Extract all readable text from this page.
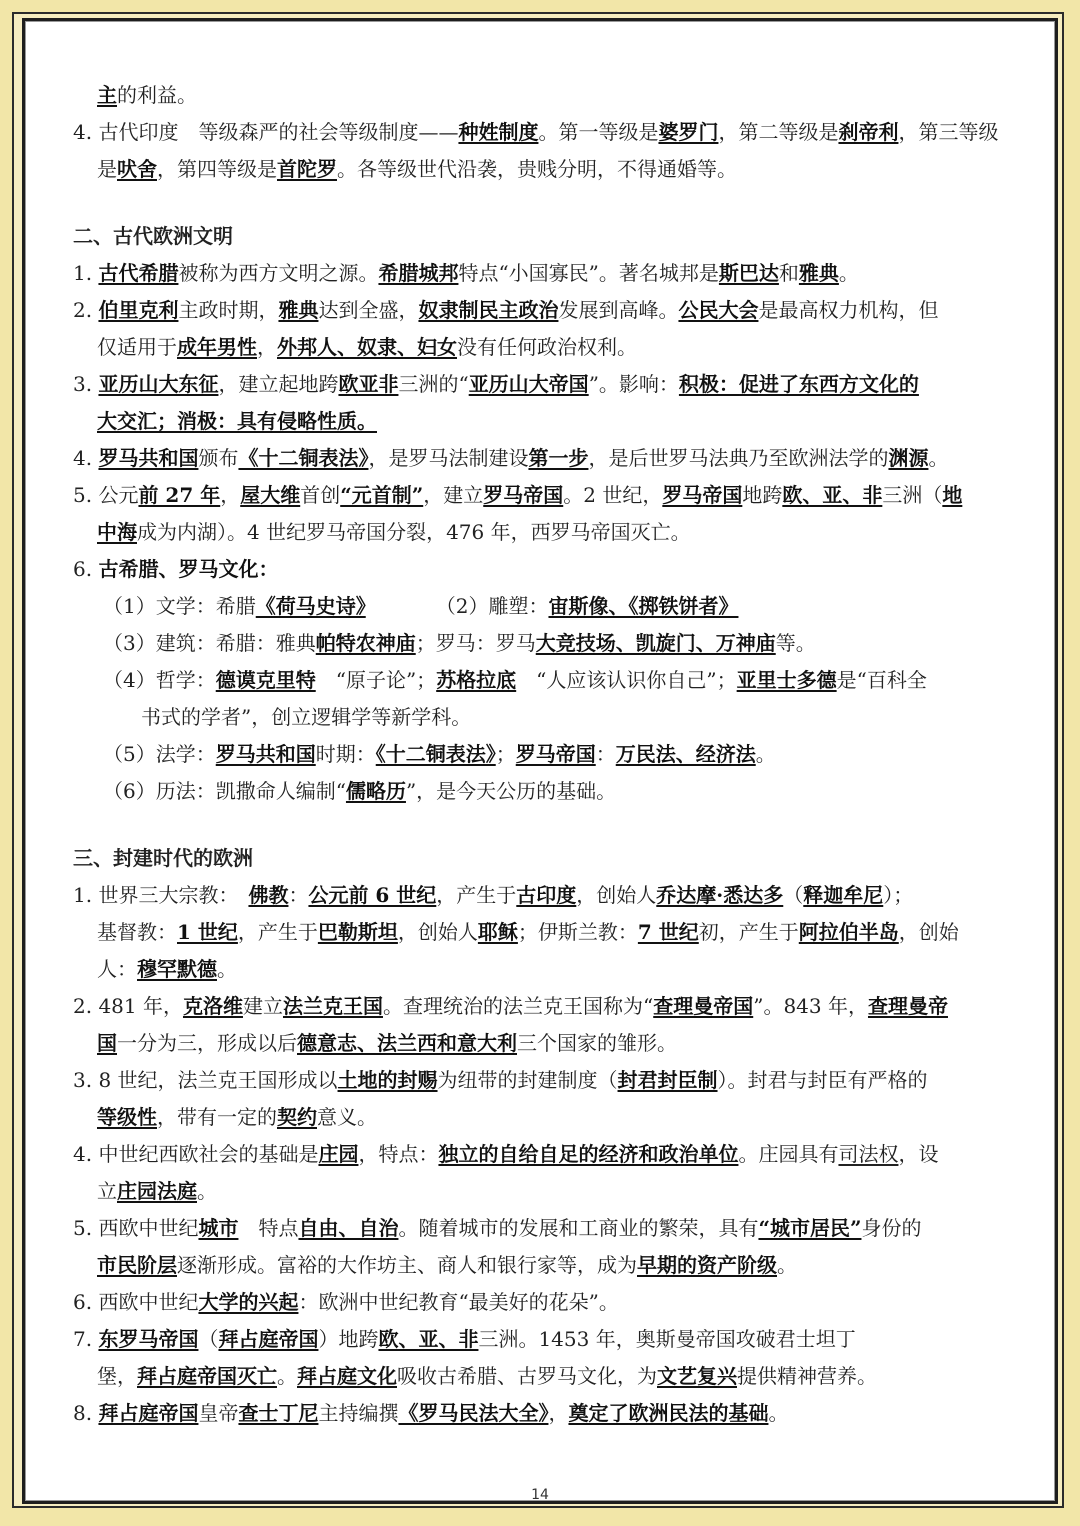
主的利益。
4. 古代印度　等级森严的社会等级制度——种姓制度。第一等级是婆罗门，第二等级是刹帝利，第三等级
是吠舍，第四等级是首陀罗。各等级世代沿袭，贵贱分明，不得通婚等。
二、古代欧洲文明
1. 古代希腊被称为西方文明之源。希腊城邦特点“小国寡民”。著名城邦是斯巴达和雅典。
2. 伯里克利主政时期，雅典达到全盛，奴隶制民主政治发展到高峰。公民大会是最高权力机构，但
仅适用于成年男性，外邦人、奴隶、妇女没有任何政治权利。
3. 亚历山大东征，建立起地跨欧亚非三洲的“亚历山大帝国”。影响：积极：促进了东西方文化的
大交汇；消极：具有侵略性质。
4. 罗马共和国颁布《十二铜表法》，是罗马法制建设第一步，是后世罗马法典乃至欧洲法学的渊源。
5. 公元前 27 年，屋大维首创“元首制”，建立罗马帝国。2 世纪，罗马帝国地跨欧、亚、非三洲（地
中海成为内湖）。4 世纪罗马帝国分裂，476 年，西罗马帝国灭亡。
6. 古希腊、罗马文化：
（1）文学：希腊《荷马史诗》　　　　（2）雕塑：宙斯像、《掷铁饼者》
（3）建筑：希腊：雅典帕特农神庙；罗马：罗马大竞技场、凯旋门、万神庙等。
（4）哲学：德谟克里特　“原子论”；苏格拉底　“人应该认识你自己”；亚里士多德是“百科全
书式的学者”，创立逻辑学等新学科。
（5）法学：罗马共和国时期：《十二铜表法》；罗马帝国：万民法、经济法。
（6）历法：凯撒命人编制“儒略历”，是今天公历的基础。
三、封建时代的欧洲
1. 世界三大宗教：　佛教：公元前 6 世纪，产生于古印度，创始人乔达摩·悉达多（释迦牟尼）；
基督教：1 世纪，产生于巴勒斯坦，创始人耶稣；伊斯兰教：7 世纪初，产生于阿拉伯半岛，创始
人：穆罕默德。
2. 481 年，克洛维建立法兰克王国。查理统治的法兰克王国称为“查理曼帝国”。843 年，查理曼帝
国一分为三，形成以后德意志、法兰西和意大利三个国家的雏形。
3. 8 世纪，法兰克王国形成以土地的封赐为纽带的封建制度（封君封臣制）。封君与封臣有严格的
等级性，带有一定的契约意义。
4. 中世纪西欧社会的基础是庄园，特点：独立的自给自足的经济和政治单位。庄园具有司法权，设
立庄园法庭。
5. 西欧中世纪城市　特点自由、自治。随着城市的发展和工商业的繁荣，具有“城市居民”身份的
市民阶层逐渐形成。富裕的大作坊主、商人和银行家等，成为早期的资产阶级。
6. 西欧中世纪大学的兴起：欧洲中世纪教育“最美好的花朵”。
7. 东罗马帝国（拜占庭帝国）地跨欧、亚、非三洲。1453 年，奥斯曼帝国攻破君士坦丁
堡，拜占庭帝国灭亡。拜占庭文化吸收古希腊、古罗马文化，为文艺复兴提供精神营养。
8. 拜占庭帝国皇帝查士丁尼主持编撰《罗马民法大全》，奠定了欧洲民法的基础。
14
